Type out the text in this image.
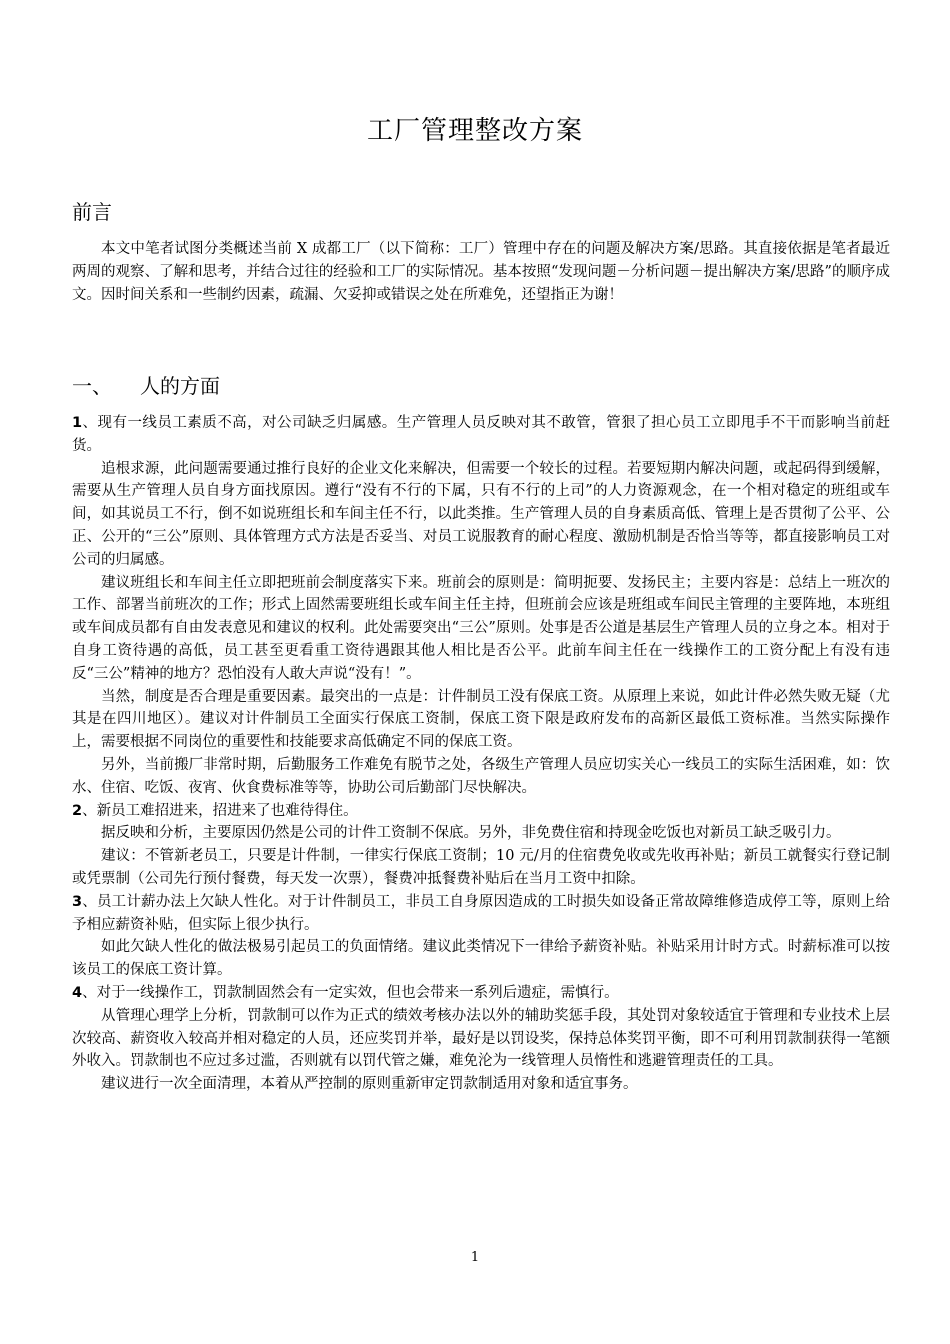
工厂管理整改方案
前言

本文中笔者试图分类概述当前 X 成都工厂（以下简称：工厂）管理中存在的问题及解决方案/思路。其直接依据是笔者最近两周的观察、了解和思考，并结合过往的经验和工厂的实际情况。基本按照“发现问题－分析问题－提出解决方案/思路”的顺序成文。因时间关系和一些制约因素，疏漏、欠妥抑或错误之处在所难免，还望指正为谢！

一、 人的方面

1、现有一线员工素质不高，对公司缺乏归属感。生产管理人员反映对其不敢管，管狠了担心员工立即甩手不干而影响当前赶货。

追根求源，此问题需要通过推行良好的企业文化来解决，但需要一个较长的过程。若要短期内解决问题，或起码得到缓解，需要从生产管理人员自身方面找原因。遵行“没有不行的下属，只有不行的上司”的人力资源观念，在一个相对稳定的班组或车间，如其说员工不行，倒不如说班组长和车间主任不行，以此类推。生产管理人员的自身素质高低、管理上是否贯彻了公平、公正、公开的“三公”原则、具体管理方式方法是否妥当、对员工说服教育的耐心程度、激励机制是否恰当等等，都直接影响员工对公司的归属感。

建议班组长和车间主任立即把班前会制度落实下来。班前会的原则是：简明扼要、发扬民主；主要内容是：总结上一班次的工作、部署当前班次的工作；形式上固然需要班组长或车间主任主持，但班前会应该是班组或车间民主管理的主要阵地，本班组或车间成员都有自由发表意见和建议的权利。此处需要突出“三公”原则。处事是否公道是基层生产管理人员的立身之本。相对于自身工资待遇的高低，员工甚至更看重工资待遇跟其他人相比是否公平。此前车间主任在一线操作工的工资分配上有没有违反“三公”精神的地方？恐怕没有人敢大声说“没有！”。

当然，制度是否合理是重要因素。最突出的一点是：计件制员工没有保底工资。从原理上来说，如此计件必然失败无疑（尤其是在四川地区）。建议对计件制员工全面实行保底工资制，保底工资下限是政府发布的高新区最低工资标准。当然实际操作上，需要根据不同岗位的重要性和技能要求高低确定不同的保底工资。

另外，当前搬厂非常时期，后勤服务工作难免有脱节之处，各级生产管理人员应切实关心一线员工的实际生活困难，如：饮水、住宿、吃饭、夜宵、伙食费标准等等，协助公司后勤部门尽快解决。

2、新员工难招进来，招进来了也难待得住。

据反映和分析，主要原因仍然是公司的计件工资制不保底。另外，非免费住宿和持现金吃饭也对新员工缺乏吸引力。

建议：不管新老员工，只要是计件制，一律实行保底工资制；10 元/月的住宿费免收或先收再补贴；新员工就餐实行登记制或凭票制（公司先行预付餐费，每天发一次票），餐费冲抵餐费补贴后在当月工资中扣除。

3、员工计薪办法上欠缺人性化。对于计件制员工，非员工自身原因造成的工时损失如设备正常故障维修造成停工等，原则上给予相应薪资补贴，但实际上很少执行。

如此欠缺人性化的做法极易引起员工的负面情绪。建议此类情况下一律给予薪资补贴。补贴采用计时方式。时薪标准可以按该员工的保底工资计算。

4、对于一线操作工，罚款制固然会有一定实效，但也会带来一系列后遗症，需慎行。

从管理心理学上分析，罚款制可以作为正式的绩效考核办法以外的辅助奖惩手段，其处罚对象较适宜于管理和专业技术上层次较高、薪资收入较高并相对稳定的人员，还应奖罚并举，最好是以罚设奖，保持总体奖罚平衡，即不可利用罚款制获得一笔额外收入。罚款制也不应过多过滥，否则就有以罚代管之嫌，难免沦为一线管理人员惰性和逃避管理责任的工具。

建议进行一次全面清理，本着从严控制的原则重新审定罚款制适用对象和适宜事务。

1
